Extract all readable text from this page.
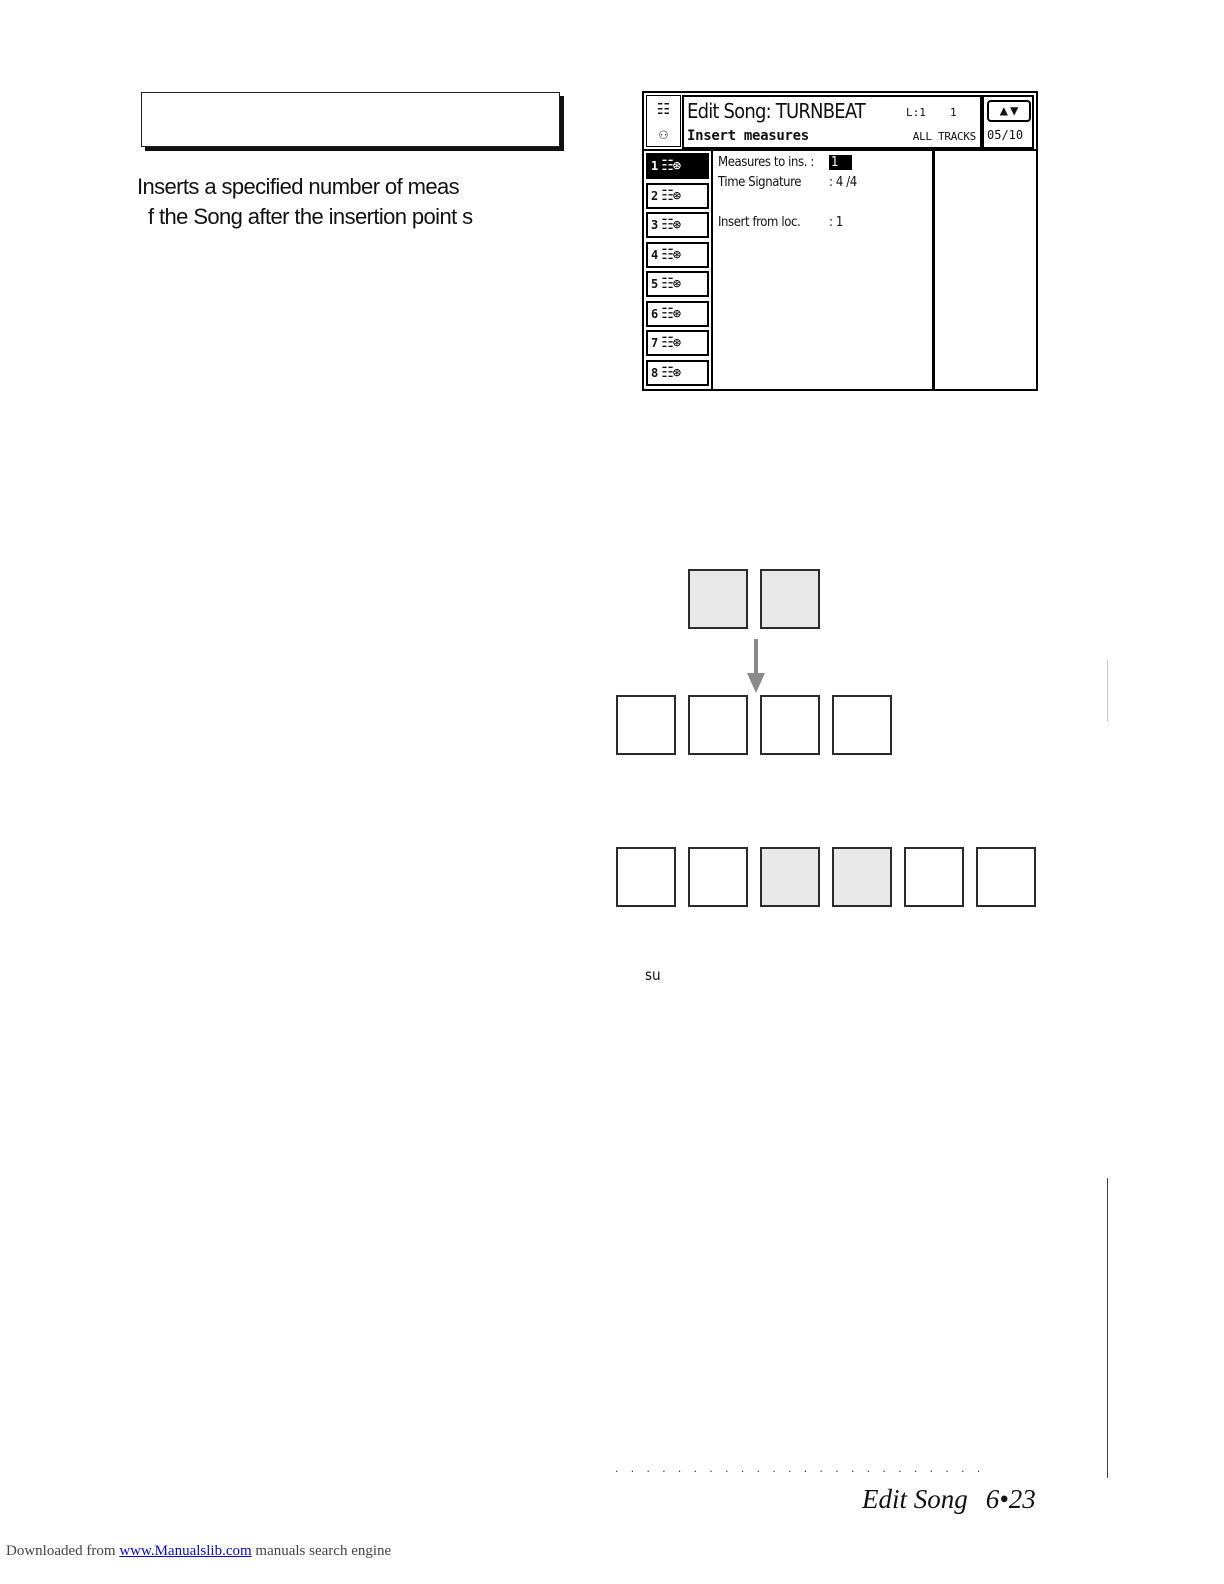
Inserts a specified number of meas

f the Song after the insertion point s

☷
⚇
Edit Song: TURNBEAT
Insert measures
L:1 1
ALL TRACKS
▲ ▼
05/10
1 ☷⊛
2 ☷⊛
3 ☷⊛
4 ☷⊛
5 ☷⊛
6 ☷⊛
7 ☷⊛
8 ☷⊛
Measures to ins. : 1
Time Signature : 4 /4
Insert from loc. : 1
su
........................
Edit Song 6•23
Downloaded from www.Manualslib.com manuals search engine
